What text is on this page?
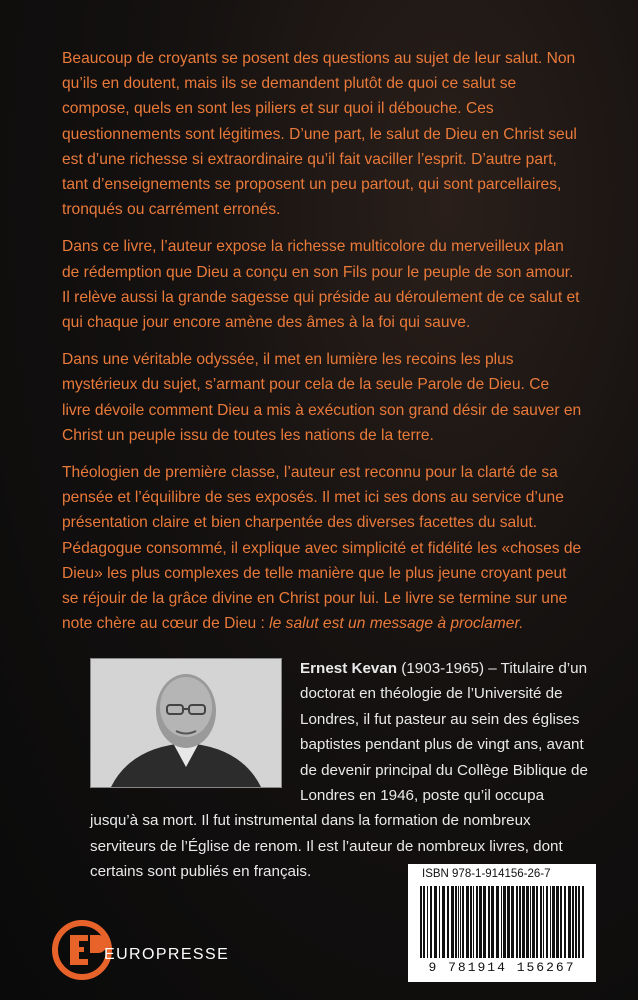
Beaucoup de croyants se posent des questions au sujet de leur salut. Non qu’ils en doutent, mais ils se demandent plutôt de quoi ce salut se compose, quels en sont les piliers et sur quoi il débouche. Ces questionnements sont légitimes. D’une part, le salut de Dieu en Christ seul est d’une richesse si extraordinaire qu’il fait vaciller l’esprit. D’autre part, tant d’enseignements se proposent un peu partout, qui sont parcellaires, tronqués ou carrément erronés.

Dans ce livre, l’auteur expose la richesse multicolore du merveilleux plan de rédemption que Dieu a conçu en son Fils pour le peuple de son amour. Il relève aussi la grande sagesse qui préside au déroulement de ce salut et qui chaque jour encore amène des âmes à la foi qui sauve.

Dans une véritable odyssée, il met en lumière les recoins les plus mystérieux du sujet, s’armant pour cela de la seule Parole de Dieu. Ce livre dévoile comment Dieu a mis à exécution son grand désir de sauver en Christ un peuple issu de toutes les nations de la terre.

Théologien de première classe, l’auteur est reconnu pour la clarté de sa pensée et l’équilibre de ses exposés. Il met ici ses dons au service d’une présentation claire et bien charpentée des diverses facettes du salut. Pédagogue consommé, il explique avec simplicité et fidélité les «choses de Dieu» les plus complexes de telle manière que le plus jeune croyant peut se réjouir de la grâce divine en Christ pour lui. Le livre se termine sur une note chère au cœur de Dieu : le salut est un message à proclamer.

Ernest Kevan (1903-1965) – Titulaire d’un doctorat en théologie de l’Université de Londres, il fut pasteur au sein des églises baptistes pendant plus de vingt ans, avant de devenir principal du Collège Biblique de Londres en 1946, poste qu’il occupa jusqu’à sa mort. Il fut instrumental dans la formation de nombreux serviteurs de l’Église de renom. Il est l’auteur de nombreux livres, dont certains sont publiés en français.	ISBN 978-1-914156-26-7
9 781914 156267
EUROPRESSE
